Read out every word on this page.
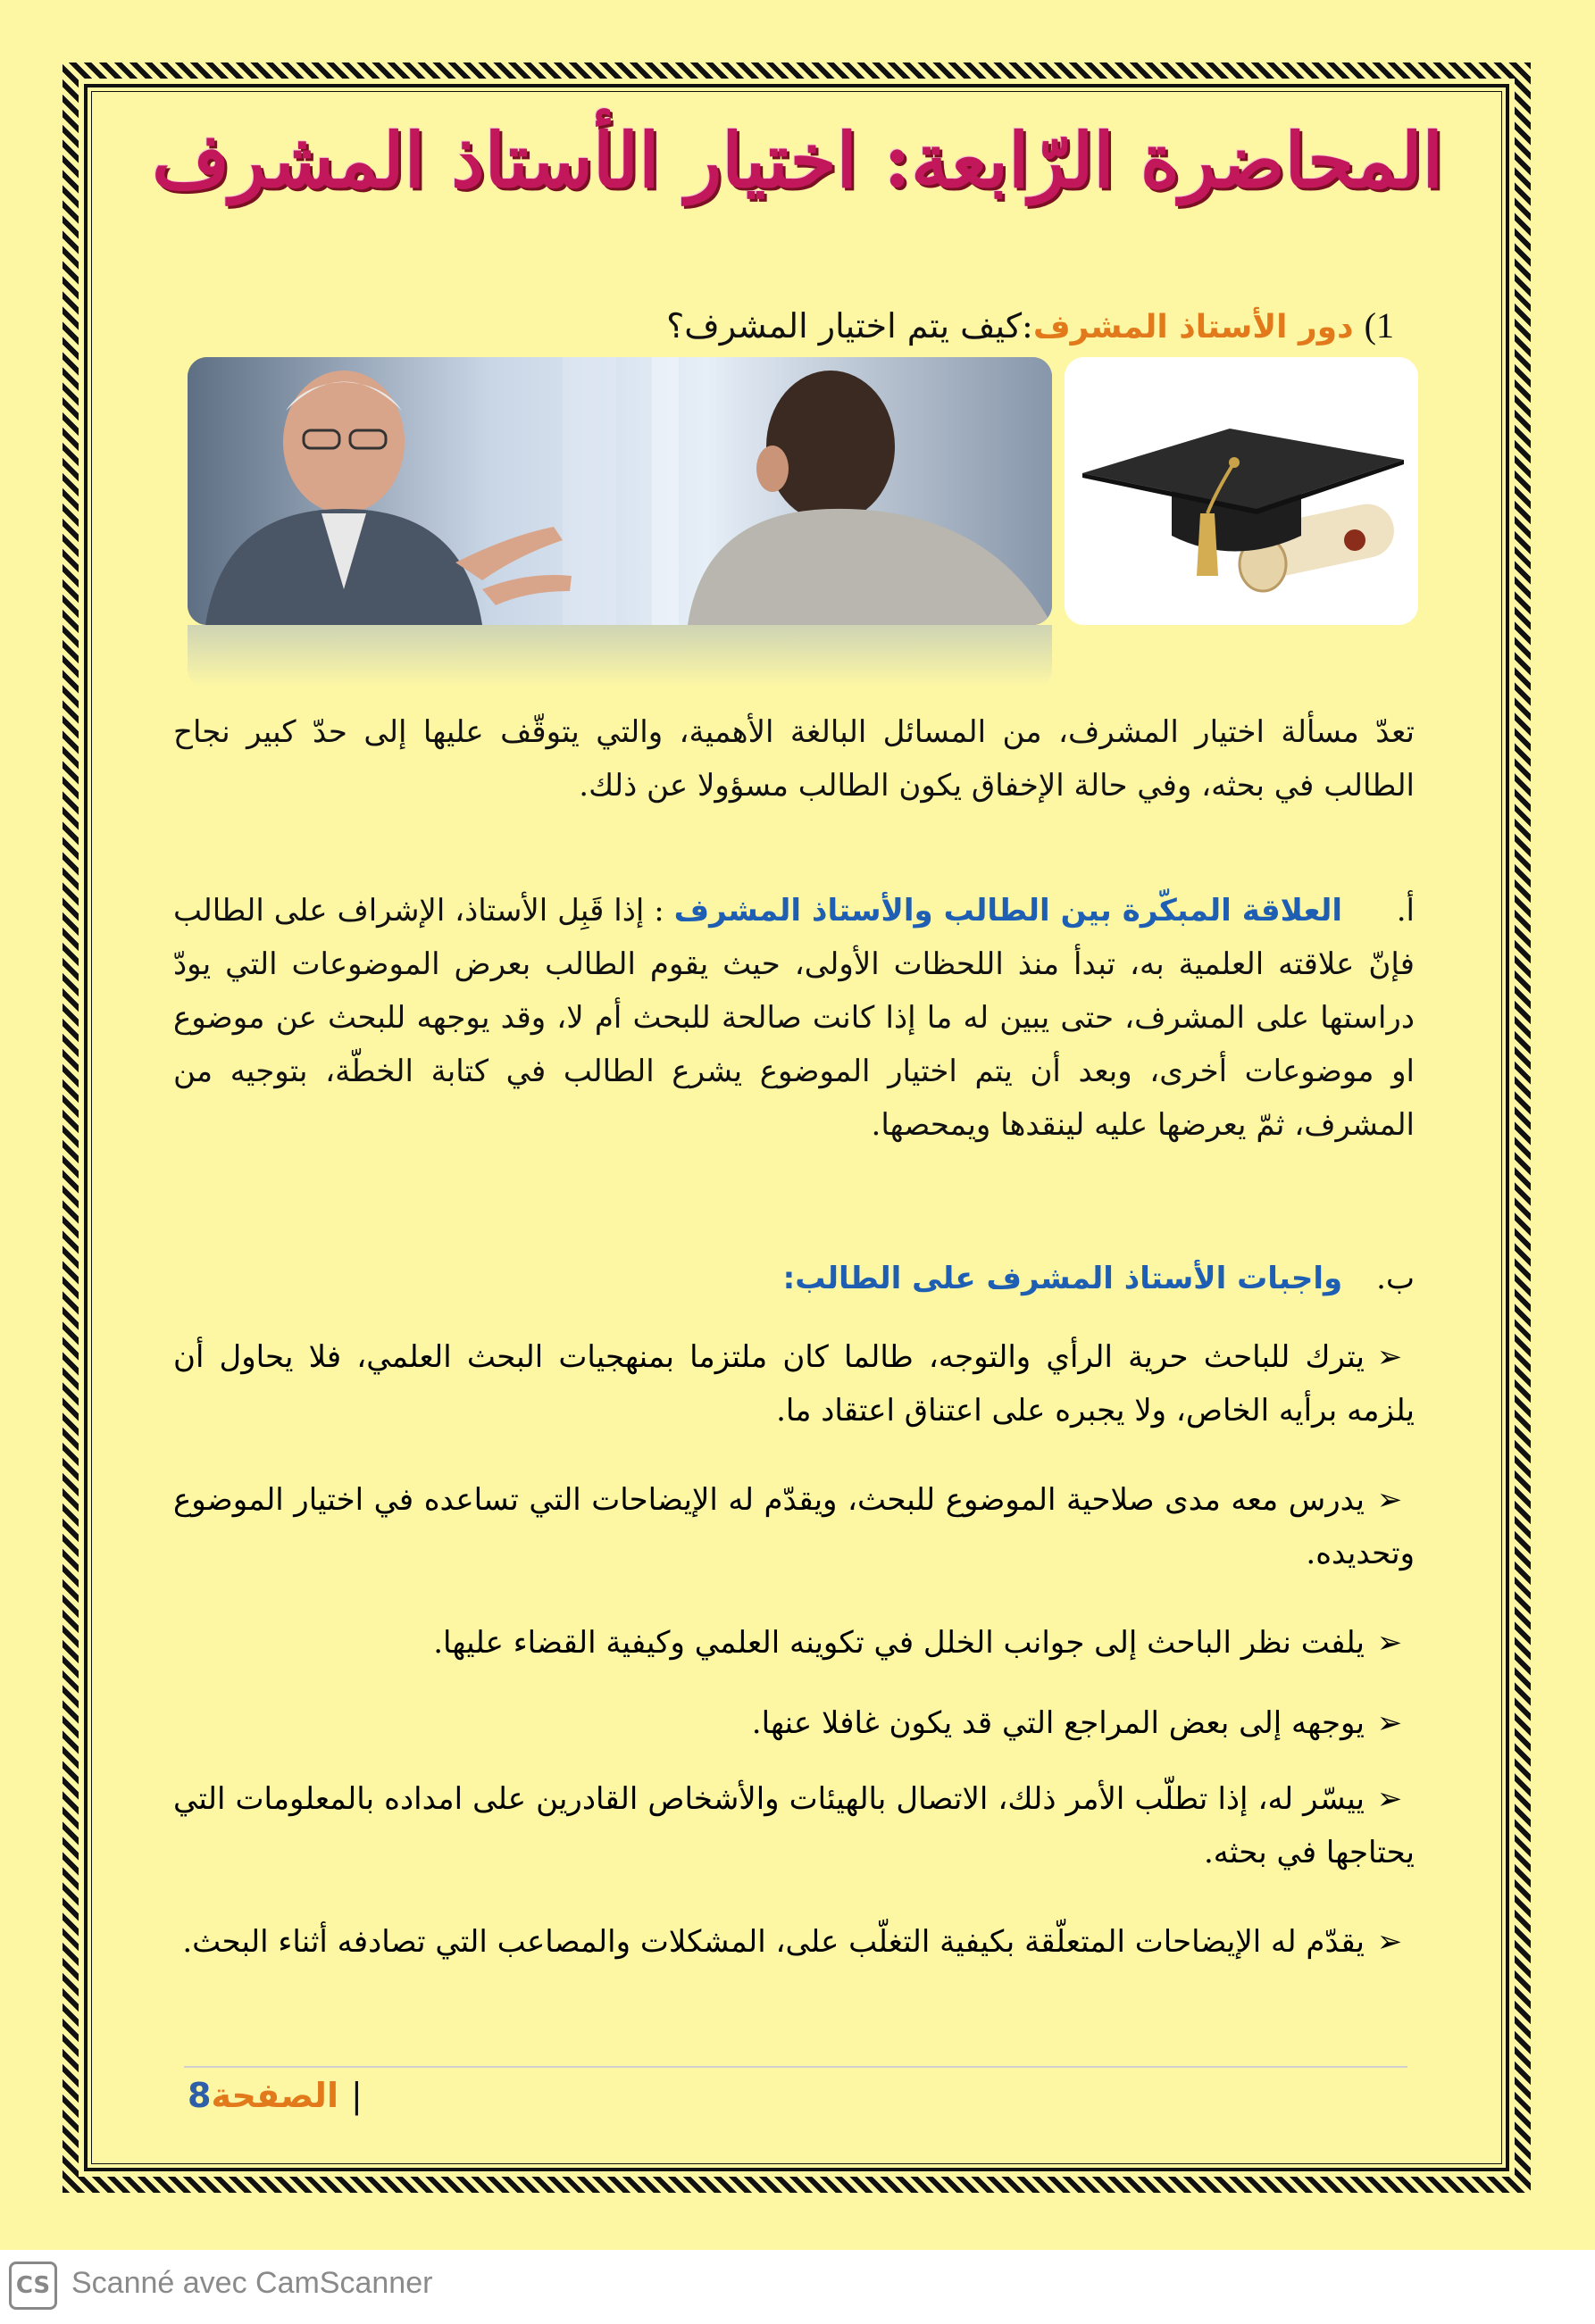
المحاضرة الرّابعة: اختيار الأستاذ المشرف
1) دور الأستاذ المشرف:كيف يتم اختيار المشرف؟
تعدّ مسألة اختيار المشرف، من المسائل البالغة الأهمية، والتي يتوقّف عليها إلى حدّ كبير نجاح الطالب في بحثه، وفي حالة الإخفاق يكون الطالب مسؤولا عن ذلك.
أ. العلاقة المبكّرة بين الطالب والأستاذ المشرف : إذا قَبِل الأستاذ، الإشراف على الطالب فإنّ علاقته العلمية به، تبدأ منذ اللحظات الأولى، حيث يقوم الطالب بعرض الموضوعات التي يودّ دراستها على المشرف، حتى يبين له ما إذا كانت صالحة للبحث أم لا، وقد يوجهه للبحث عن موضوع او موضوعات أخرى، وبعد أن يتم اختيار الموضوع يشرع الطالب في كتابة الخطّة، بتوجيه من المشرف، ثمّ يعرضها عليه لينقدها ويمحصها.
ب. واجبات الأستاذ المشرف على الطالب:
➢يترك للباحث حرية الرأي والتوجه، طالما كان ملتزما بمنهجيات البحث العلمي، فلا يحاول أن يلزمه برأيه الخاص، ولا يجبره على اعتناق اعتقاد ما.
➢يدرس معه مدى صلاحية الموضوع للبحث، ويقدّم له الإيضاحات التي تساعده في اختيار الموضوع وتحديده.
➢يلفت نظر الباحث إلى جوانب الخلل في تكوينه العلمي وكيفية القضاء عليها.
➢يوجهه إلى بعض المراجع التي قد يكون غافلا عنها.
➢ييسّر له، إذا تطلّب الأمر ذلك، الاتصال بالهيئات والأشخاص القادرين على امداده بالمعلومات التي يحتاجها في بحثه.
➢يقدّم له الإيضاحات المتعلّقة بكيفية التغلّب على، المشكلات والمصاعب التي تصادفه أثناء البحث.
|الصفحة8
CS Scanné avec CamScanner
